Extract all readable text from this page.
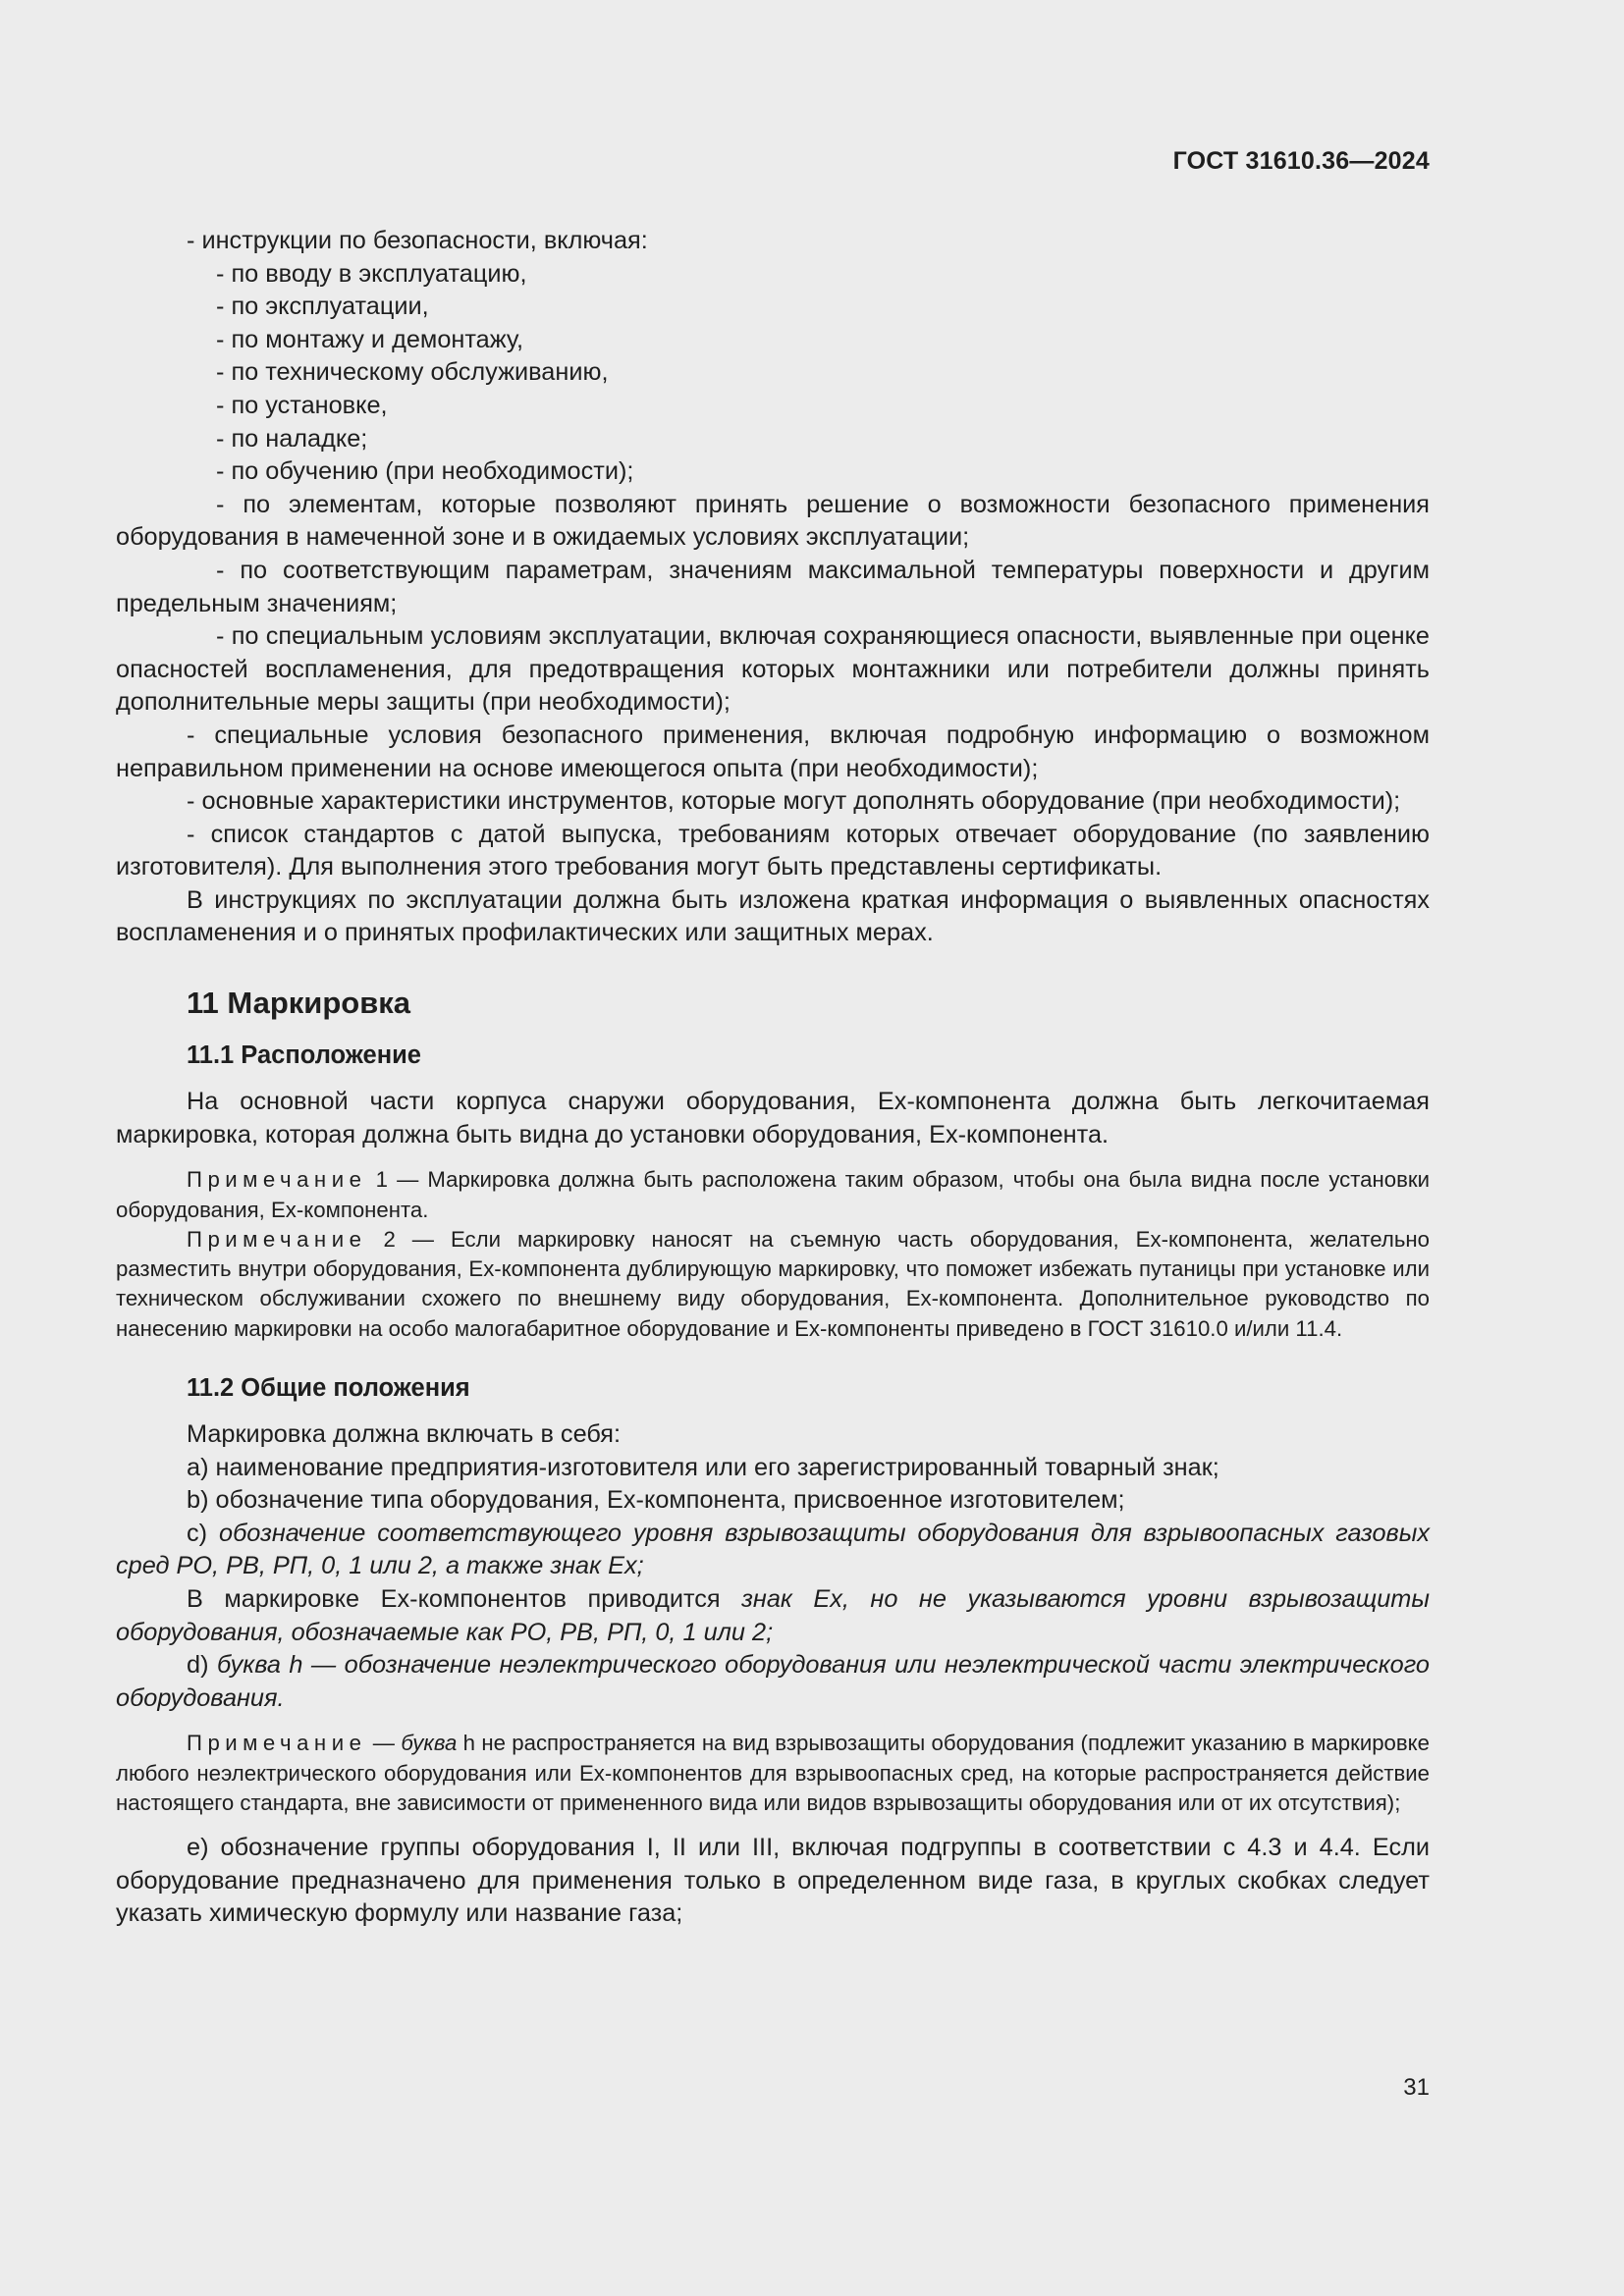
ГОСТ 31610.36—2024

- инструкции по безопасности, включая:

- по вводу в эксплуатацию,

- по эксплуатации,

- по монтажу и демонтажу,

- по техническому обслуживанию,

- по установке,

- по наладке;

- по обучению (при необходимости);

- по элементам, которые позволяют принять решение о возможности безопасного применения оборудования в намеченной зоне и в ожидаемых условиях эксплуатации;

- по соответствующим параметрам, значениям максимальной температуры поверхности и другим предельным значениям;

- по специальным условиям эксплуатации, включая сохраняющиеся опасности, выявленные при оценке опасностей воспламенения, для предотвращения которых монтажники или потребители должны принять дополнительные меры защиты (при необходимости);

- специальные условия безопасного применения, включая подробную информацию о возможном неправильном применении на основе имеющегося опыта (при необходимости);

- основные характеристики инструментов, которые могут дополнять оборудование (при необходимости);

- список стандартов с датой выпуска, требованиям которых отвечает оборудование (по заявлению изготовителя). Для выполнения этого требования могут быть представлены сертификаты.

В инструкциях по эксплуатации должна быть изложена краткая информация о выявленных опасностях воспламенения и о принятых профилактических или защитных мерах.

11 Маркировка
11.1 Расположение

На основной части корпуса снаружи оборудования, Ex-компонента должна быть легкочитаемая маркировка, которая должна быть видна до установки оборудования, Ex-компонента.

Примечание 1 — Маркировка должна быть расположена таким образом, чтобы она была видна после установки оборудования, Ex-компонента.

Примечание 2 — Если маркировку наносят на съемную часть оборудования, Ex-компонента, желательно разместить внутри оборудования, Ex-компонента дублирующую маркировку, что поможет избежать путаницы при установке или техническом обслуживании схожего по внешнему виду оборудования, Ex-компонента. Дополнительное руководство по нанесению маркировки на особо малогабаритное оборудование и Ex-компоненты приведено в ГОСТ 31610.0 и/или 11.4.

11.2 Общие положения

Маркировка должна включать в себя:

а) наименование предприятия-изготовителя или его зарегистрированный товарный знак;

b) обозначение типа оборудования, Ex-компонента, присвоенное изготовителем;

c) обозначение соответствующего уровня взрывозащиты оборудования для взрывоопасных газовых сред РО, РВ, РП, 0, 1 или 2, а также знак Ex;

В маркировке Ex-компонентов приводится знак Ex, но не указываются уровни взрывозащиты оборудования, обозначаемые как РО, РВ, РП, 0, 1 или 2;

d) буква h — обозначение неэлектрического оборудования или неэлектрической части электрического оборудования.

Примечание — буква h не распространяется на вид взрывозащиты оборудования (подлежит указанию в маркировке любого неэлектрического оборудования или Ex-компонентов для взрывоопасных сред, на которые распространяется действие настоящего стандарта, вне зависимости от примененного вида или видов взрывозащиты оборудования или от их отсутствия);

е) обозначение группы оборудования I, II или III, включая подгруппы в соответствии с 4.3 и 4.4. Если оборудование предназначено для применения только в определенном виде газа, в круглых скобках следует указать химическую формулу или название газа;

31
